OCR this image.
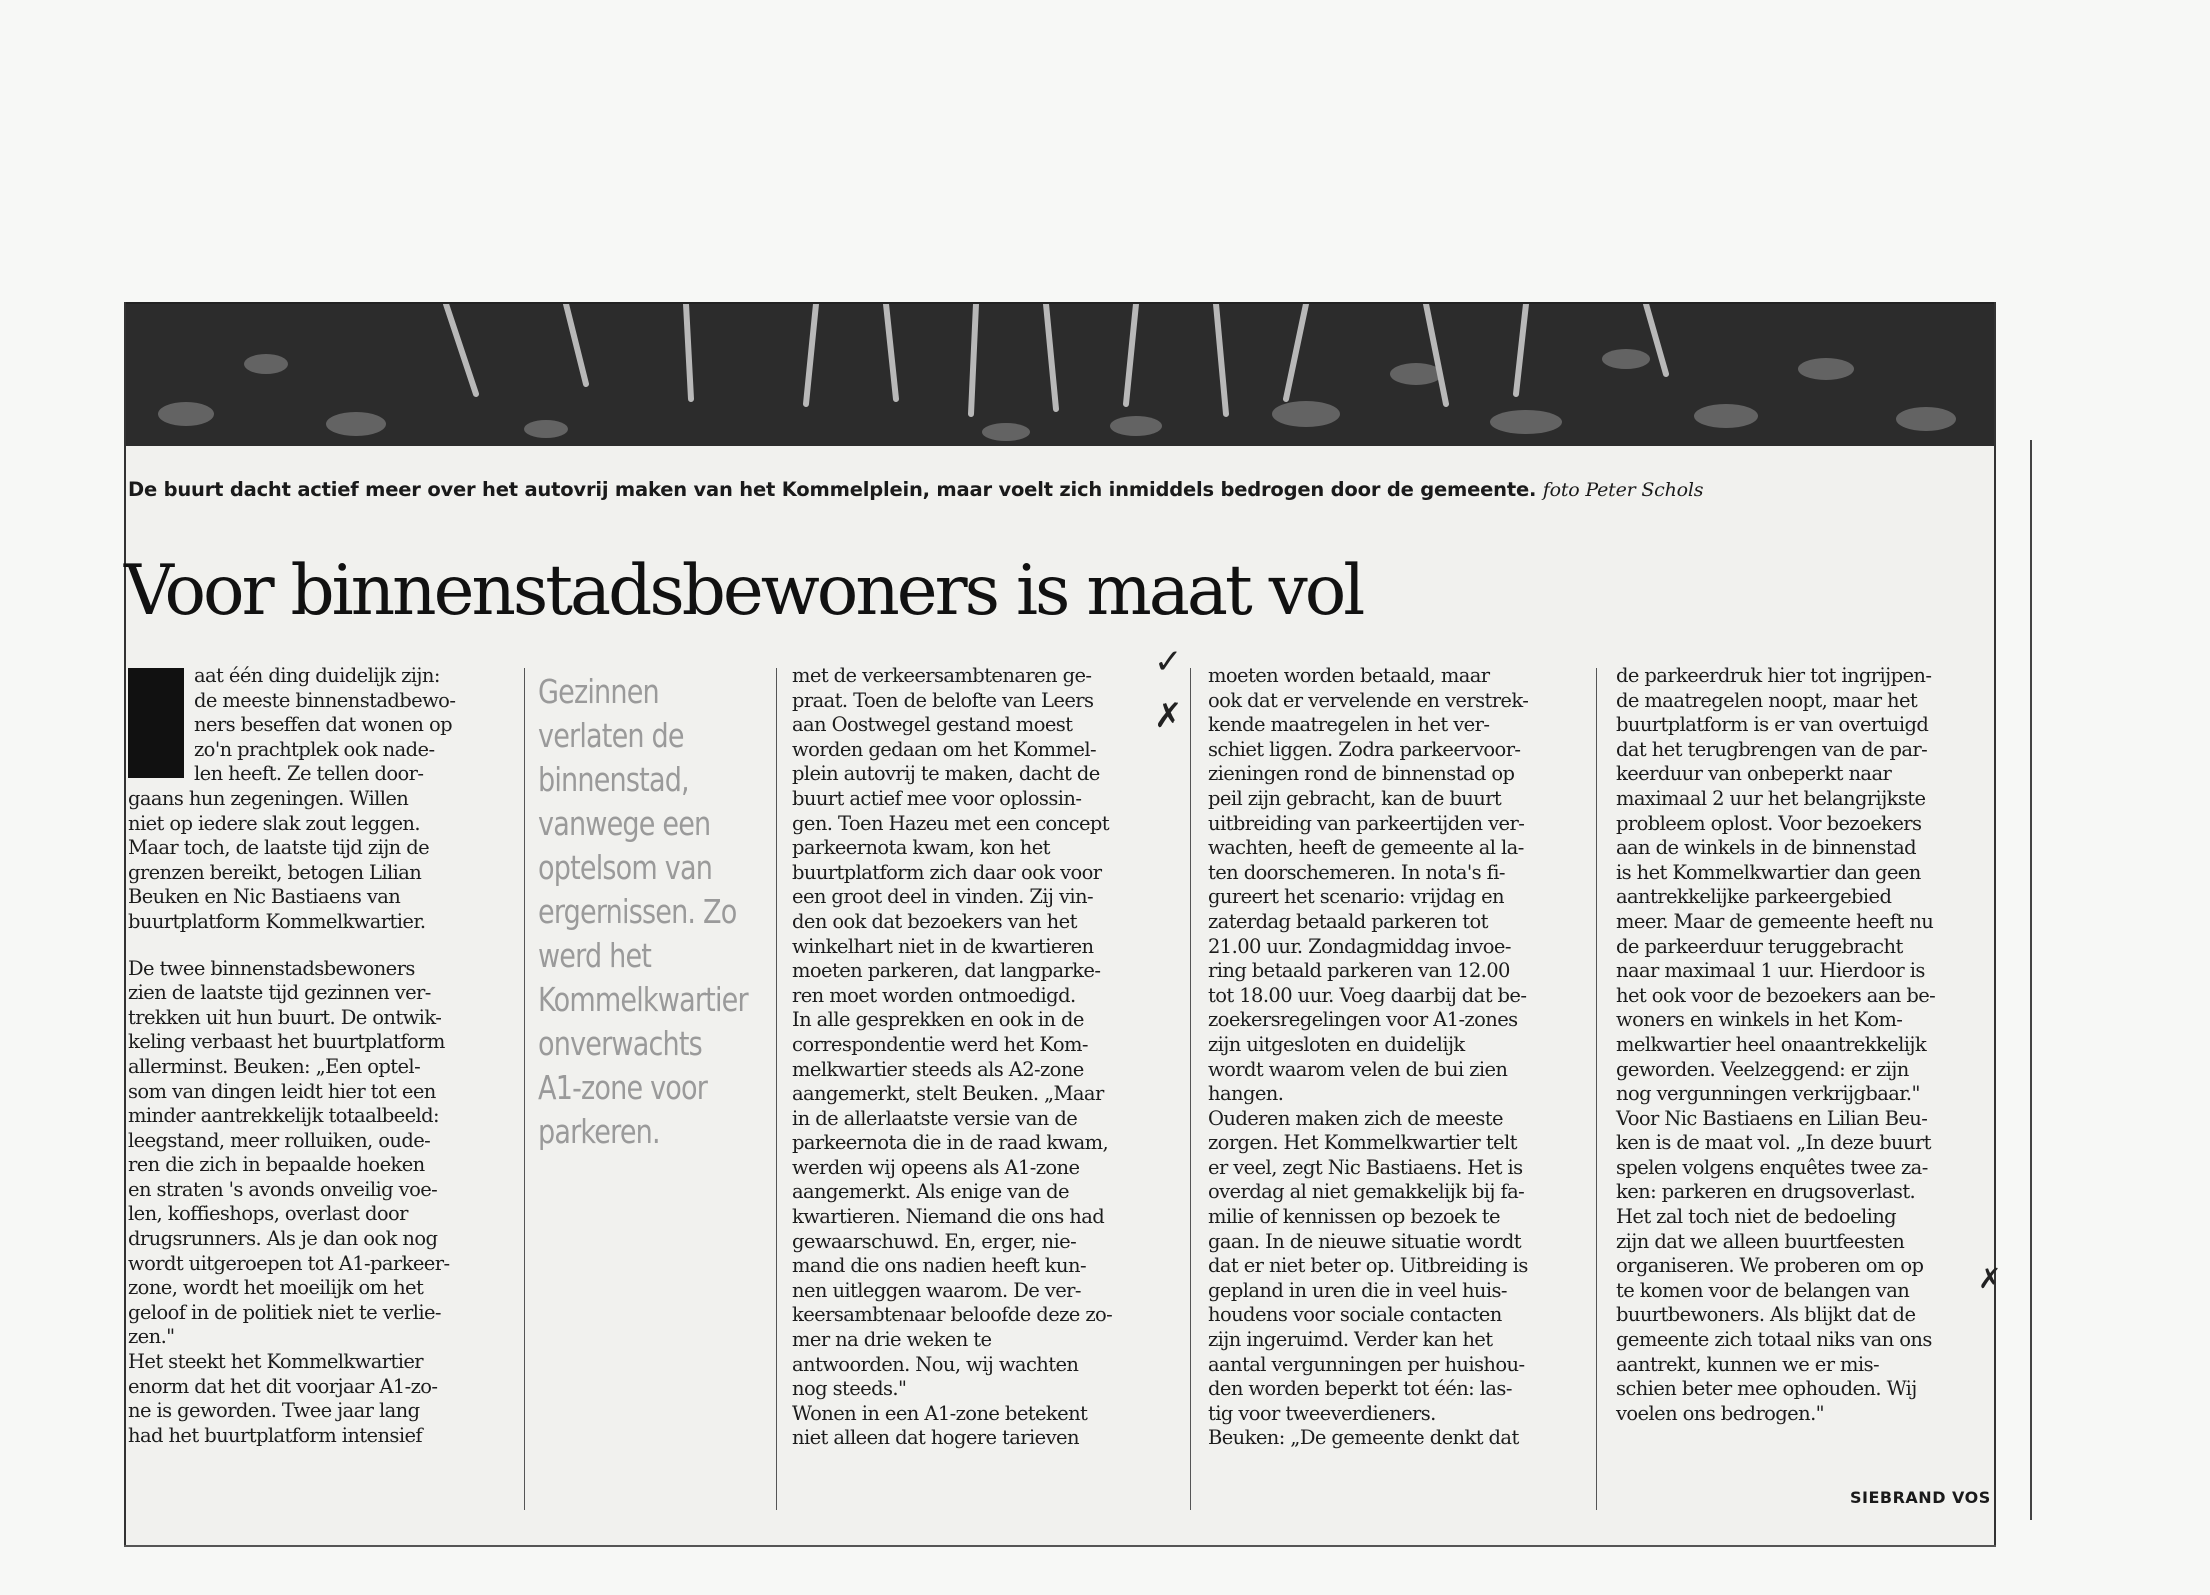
De buurt dacht actief meer over het autovrij maken van het Kommelplein, maar voelt zich inmiddels bedrogen door de gemeente. foto Peter Schols
Voor binnenstadsbewoners is maat vol
L	aat één ding duidelijk zijn:
de meeste binnenstadbewo-
ners beseffen dat wonen op
zo'n prachtplek ook nade-
len heeft. Ze tellen door-
gaans hun zegeningen. Willen
niet op iedere slak zout leggen.
Maar toch, de laatste tijd zijn de
grenzen bereikt, betogen Lilian
Beuken en Nic Bastiaens van
buurtplatform Kommelkwartier.
De twee binnenstadsbewoners
zien de laatste tijd gezinnen ver-
trekken uit hun buurt. De ontwik-
keling verbaast het buurtplatform
allerminst. Beuken: „Een optel-
som van dingen leidt hier tot een
minder aantrekkelijk totaalbeeld:
leegstand, meer rolluiken, oude-
ren die zich in bepaalde hoeken
en straten 's avonds onveilig voe-
len, koffieshops, overlast door
drugsrunners. Als je dan ook nog
wordt uitgeroepen tot A1-parkeer-
zone, wordt het moeilijk om het
geloof in de politiek niet te verlie-
zen."
Het steekt het Kommelkwartier
enorm dat het dit voorjaar A1-zo-
ne is geworden. Twee jaar lang
had het buurtplatform intensief
Gezinnen
verlaten de
binnenstad,
vanwege een
optelsom van
ergernissen. Zo
werd het
Kommelkwartier
onverwachts
A1-zone voor
parkeren.
met de verkeersambtenaren ge-
praat. Toen de belofte van Leers
aan Oostwegel gestand moest
worden gedaan om het Kommel-
plein autovrij te maken, dacht de
buurt actief mee voor oplossin-
gen. Toen Hazeu met een concept
parkeernota kwam, kon het
buurtplatform zich daar ook voor
een groot deel in vinden. Zij vin-
den ook dat bezoekers van het
winkelhart niet in de kwartieren
moeten parkeren, dat langparke-
ren moet worden ontmoedigd.
In alle gesprekken en ook in de
correspondentie werd het Kom-
melkwartier steeds als A2-zone
aangemerkt, stelt Beuken. „Maar
in de allerlaatste versie van de
parkeernota die in de raad kwam,
werden wij opeens als A1-zone
aangemerkt. Als enige van de
kwartieren. Niemand die ons had
gewaarschuwd. En, erger, nie-
mand die ons nadien heeft kun-
nen uitleggen waarom. De ver-
keersambtenaar beloofde deze zo-
mer na drie weken te
antwoorden. Nou, wij wachten
nog steeds."
Wonen in een A1-zone betekent
niet alleen dat hogere tarieven
moeten worden betaald, maar
ook dat er vervelende en verstrek-
kende maatregelen in het ver-
schiet liggen. Zodra parkeervoor-
zieningen rond de binnenstad op
peil zijn gebracht, kan de buurt
uitbreiding van parkeertijden ver-
wachten, heeft de gemeente al la-
ten doorschemeren. In nota's fi-
gureert het scenario: vrijdag en
zaterdag betaald parkeren tot
21.00 uur. Zondagmiddag invoe-
ring betaald parkeren van 12.00
tot 18.00 uur. Voeg daarbij dat be-
zoekersregelingen voor A1-zones
zijn uitgesloten en duidelijk
wordt waarom velen de bui zien
hangen.
Ouderen maken zich de meeste
zorgen. Het Kommelkwartier telt
er veel, zegt Nic Bastiaens. Het is
overdag al niet gemakkelijk bij fa-
milie of kennissen op bezoek te
gaan. In de nieuwe situatie wordt
dat er niet beter op. Uitbreiding is
gepland in uren die in veel huis-
houdens voor sociale contacten
zijn ingeruimd. Verder kan het
aantal vergunningen per huishou-
den worden beperkt tot één: las-
tig voor tweeverdieners.
Beuken: „De gemeente denkt dat
de parkeerdruk hier tot ingrijpen-
de maatregelen noopt, maar het
buurtplatform is er van overtuigd
dat het terugbrengen van de par-
keerduur van onbeperkt naar
maximaal 2 uur het belangrijkste
probleem oplost. Voor bezoekers
aan de winkels in de binnenstad
is het Kommelkwartier dan geen
aantrekkelijke parkeergebied
meer. Maar de gemeente heeft nu
de parkeerduur teruggebracht
naar maximaal 1 uur. Hierdoor is
het ook voor de bezoekers aan be-
woners en winkels in het Kom-
melkwartier heel onaantrekkelijk
geworden. Veelzeggend: er zijn
nog vergunningen verkrijgbaar."
Voor Nic Bastiaens en Lilian Beu-
ken is de maat vol. „In deze buurt
spelen volgens enquêtes twee za-
ken: parkeren en drugsoverlast.
Het zal toch niet de bedoeling
zijn dat we alleen buurtfeesten
organiseren. We proberen om op
te komen voor de belangen van
buurtbewoners. Als blijkt dat de
gemeente zich totaal niks van ons
aantrekt, kunnen we er mis-
schien beter mee ophouden. Wij
voelen ons bedrogen."
SIEBRAND VOS
✓
✗
✗
